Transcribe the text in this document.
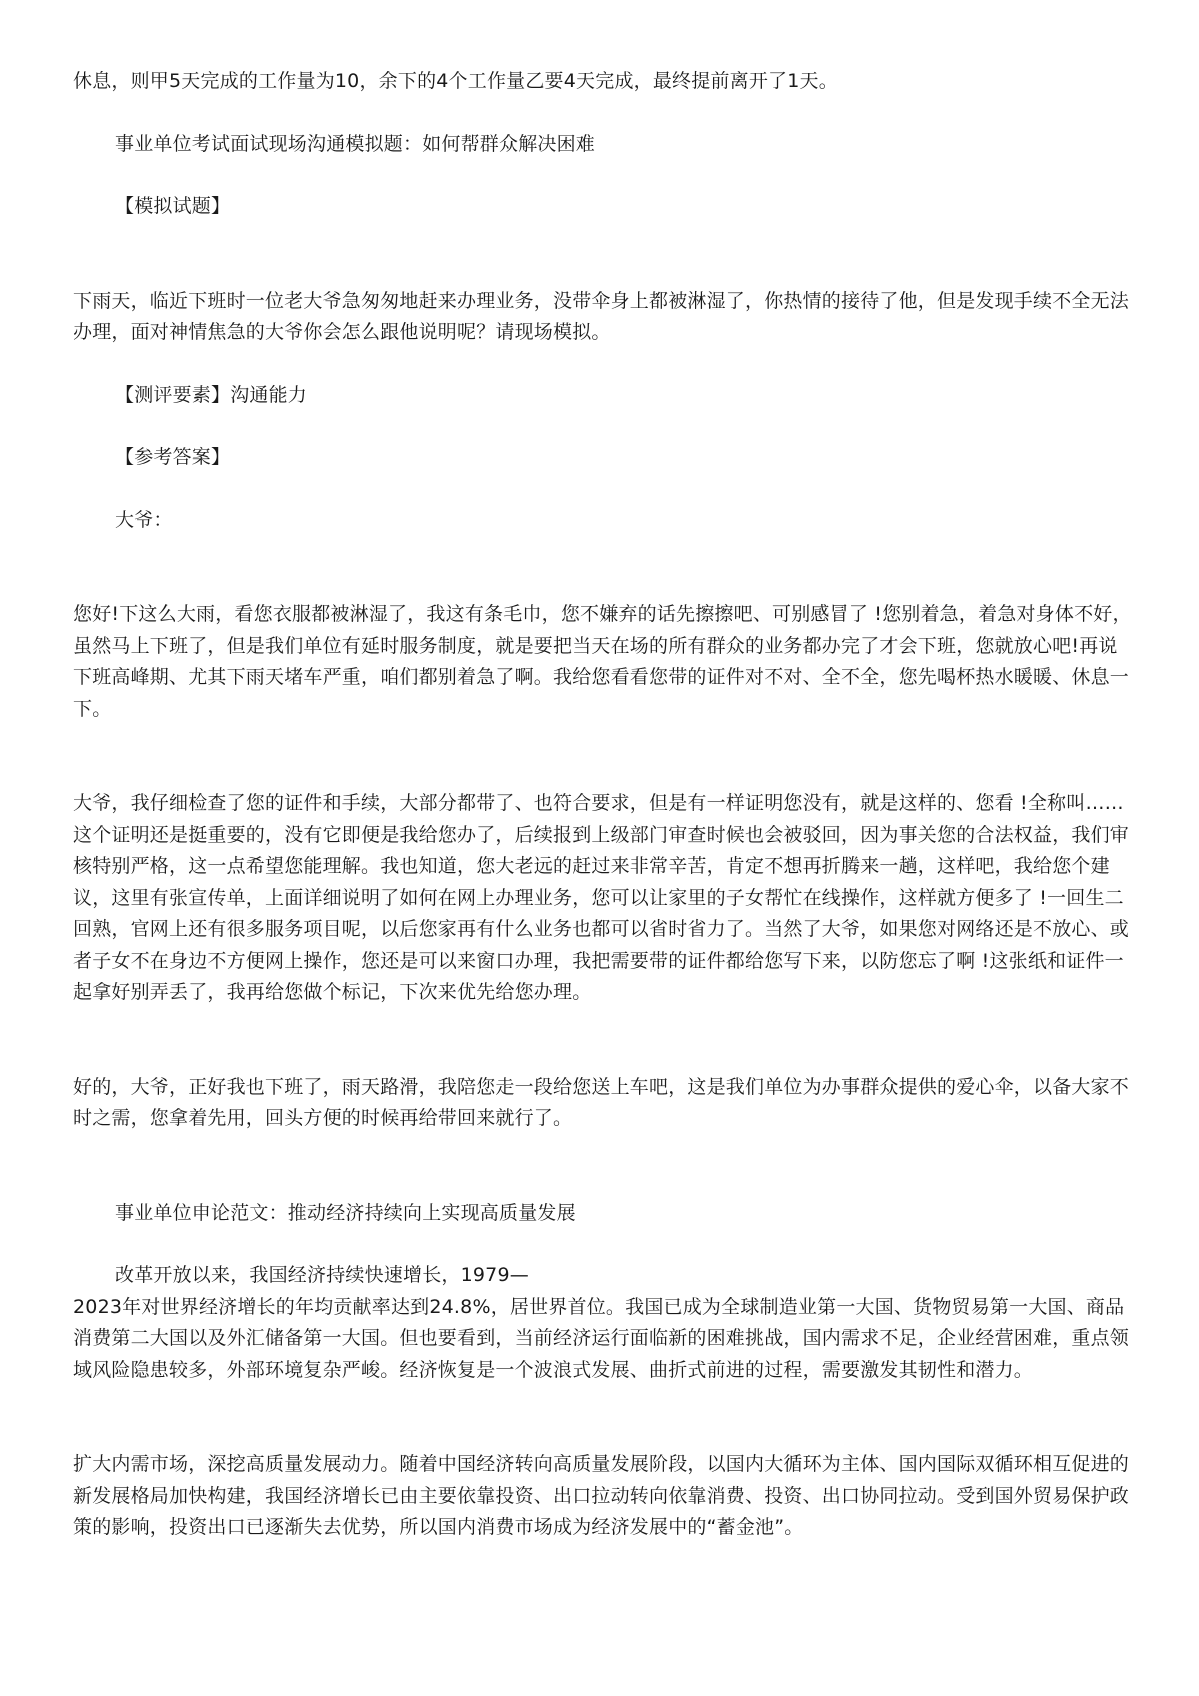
休息，则甲5天完成的工作量为10，余下的4个工作量乙要4天完成，最终提前离开了1天。

事业单位考试面试现场沟通模拟题：如何帮群众解决困难

【模拟试题】

下雨天，临近下班时一位老大爷急匆匆地赶来办理业务，没带伞身上都被淋湿了，你热情的接待了他，但是发现手续不全无法办理，面对神情焦急的大爷你会怎么跟他说明呢？请现场模拟。

【测评要素】沟通能力

【参考答案】

大爷：

您好!下这么大雨，看您衣服都被淋湿了，我这有条毛巾，您不嫌弃的话先擦擦吧、可别感冒了 !您别着急，着急对身体不好，虽然马上下班了，但是我们单位有延时服务制度，就是要把当天在场的所有群众的业务都办完了才会下班，您就放心吧!再说下班高峰期、尤其下雨天堵车严重，咱们都别着急了啊。我给您看看您带的证件对不对、全不全，您先喝杯热水暖暖、休息一下。

大爷，我仔细检查了您的证件和手续，大部分都带了、也符合要求，但是有一样证明您没有，就是这样的、您看 !全称叫……这个证明还是挺重要的，没有它即便是我给您办了，后续报到上级部门审查时候也会被驳回，因为事关您的合法权益，我们审核特别严格，这一点希望您能理解。我也知道，您大老远的赶过来非常辛苦，肯定不想再折腾来一趟，这样吧，我给您个建议，这里有张宣传单，上面详细说明了如何在网上办理业务，您可以让家里的子女帮忙在线操作，这样就方便多了 !一回生二回熟，官网上还有很多服务项目呢，以后您家再有什么业务也都可以省时省力了。当然了大爷，如果您对网络还是不放心、或者子女不在身边不方便网上操作，您还是可以来窗口办理，我把需要带的证件都给您写下来，以防您忘了啊 !这张纸和证件一起拿好别弄丢了，我再给您做个标记，下次来优先给您办理。

好的，大爷，正好我也下班了，雨天路滑，我陪您走一段给您送上车吧，这是我们单位为办事群众提供的爱心伞，以备大家不时之需，您拿着先用，回头方便的时候再给带回来就行了。

事业单位申论范文：推动经济持续向上实现高质量发展

改革开放以来，我国经济持续快速增长，1979—

2023年对世界经济增长的年均贡献率达到24.8%，居世界首位。我国已成为全球制造业第一大国、货物贸易第一大国、商品消费第二大国以及外汇储备第一大国。但也要看到，当前经济运行面临新的困难挑战，国内需求不足，企业经营困难，重点领域风险隐患较多，外部环境复杂严峻。经济恢复是一个波浪式发展、曲折式前进的过程，需要激发其韧性和潜力。

扩大内需市场，深挖高质量发展动力。随着中国经济转向高质量发展阶段，以国内大循环为主体、国内国际双循环相互促进的新发展格局加快构建，我国经济增长已由主要依靠投资、出口拉动转向依靠消费、投资、出口协同拉动。受到国外贸易保护政策的影响，投资出口已逐渐失去优势，所以国内消费市场成为经济发展中的“蓄金池”。
